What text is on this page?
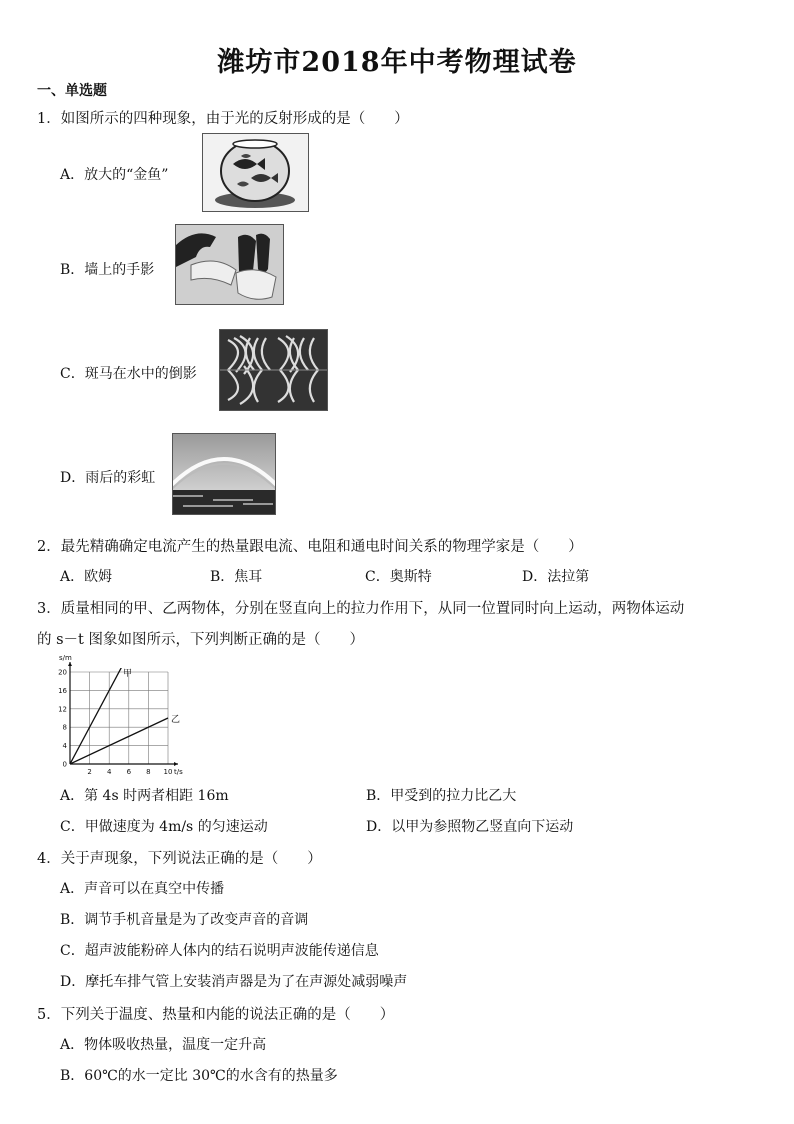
潍坊市2018年中考物理试卷
一、单选题
1．如图所示的四种现象，由于光的反射形成的是（　　）
A．放大的“金鱼”
B．墙上的手影
C．斑马在水中的倒影
D．雨后的彩虹
2．最先精确确定电流产生的热量跟电流、电阻和通电时间关系的物理学家是（　　）
A．欧姆	B．焦耳	C．奥斯特	D．法拉第
3．质量相同的甲、乙两物体，分别在竖直向上的拉力作用下，从同一位置同时向上运动，两物体运动
的 s－t 图象如图所示，下列判断正确的是（　　）
2 4 6 8 10
0
4
8
12
16
20
t/s
s/m
甲
乙
A．第 4s 时两者相距 16m	B．甲受到的拉力比乙大
C．甲做速度为 4m/s 的匀速运动	D．以甲为参照物乙竖直向下运动
4．关于声现象，下列说法正确的是（　　）
A．声音可以在真空中传播
B．调节手机音量是为了改变声音的音调
C．超声波能粉碎人体内的结石说明声波能传递信息
D．摩托车排气管上安装消声器是为了在声源处减弱噪声
5．下列关于温度、热量和内能的说法正确的是（　　）
A．物体吸收热量，温度一定升高
B．60℃的水一定比 30℃的水含有的热量多
